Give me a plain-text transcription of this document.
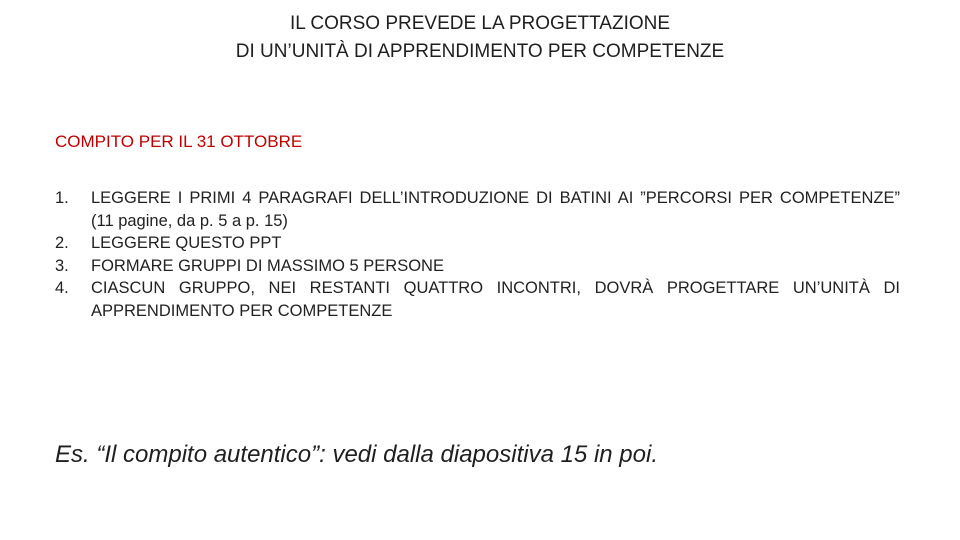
IL CORSO PREVEDE LA PROGETTAZIONE
DI UN’UNITÀ DI APPRENDIMENTO PER COMPETENZE
COMPITO PER IL 31 OTTOBRE
1. LEGGERE I PRIMI 4 PARAGRAFI DELL’INTRODUZIONE DI BATINI AI ”PERCORSI PER COMPETENZE” (11 pagine, da p. 5 a p. 15)
2. LEGGERE QUESTO PPT
3. FORMARE GRUPPI DI MASSIMO 5 PERSONE
4. CIASCUN GRUPPO, NEI RESTANTI QUATTRO INCONTRI, DOVRÀ PROGETTARE UN’UNITÀ DI APPRENDIMENTO PER COMPETENZE
Es. “Il compito autentico”: vedi dalla diapositiva 15 in poi.
